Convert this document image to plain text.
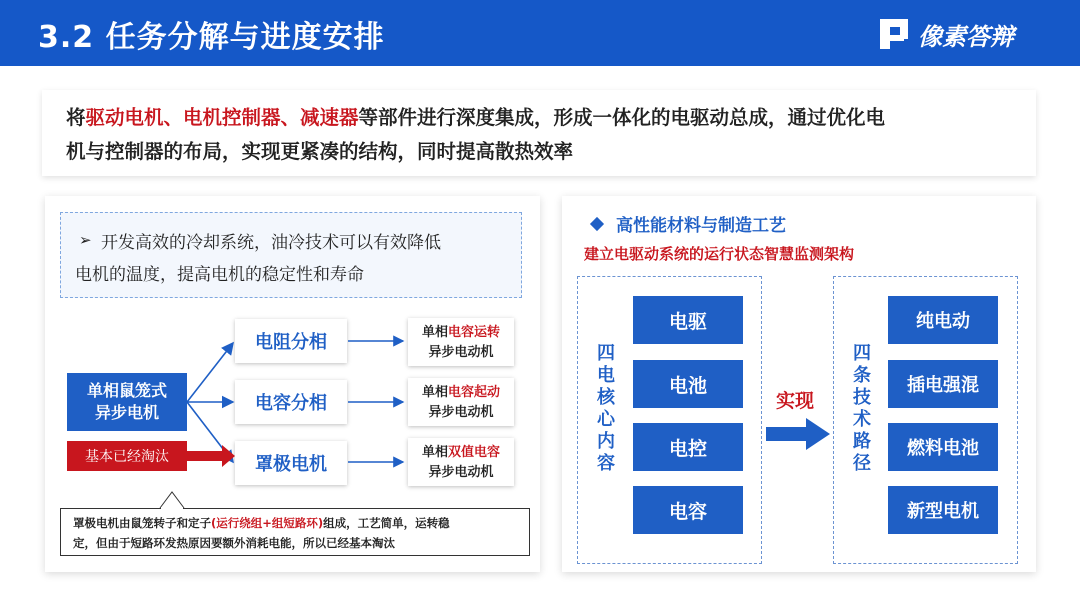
3.2 任务分解与进度安排	像素答辩
将驱动电机、电机控制器、减速器等部件进行深度集成，形成一体化的电驱动总成，通过优化电
机与控制器的布局，实现更紧凑的结构，同时提高散热效率
➢ 开发高效的冷却系统，油冷技术可以有效降低
电机的温度，提高电机的稳定性和寿命
单相鼠笼式
异步电机
基本已经淘汰
电阻分相
电容分相
罩极电机
单相电容运转
异步电动机
单相电容起动
异步电动机
单相双值电容
异步电动机
罩极电机由鼠笼转子和定子(运行绕组+组短路环)组成，工艺简单，运转稳
定，但由于短路环发热原因要额外消耗电能，所以已经基本淘汰
高性能材料与制造工艺
建立电驱动系统的运行状态智慧监测架构
四
电
核
心
内
容
电驱
电池
电控
电容
实现
四
条
技
术
路
径
纯电动
插电强混
燃料电池
新型电机
